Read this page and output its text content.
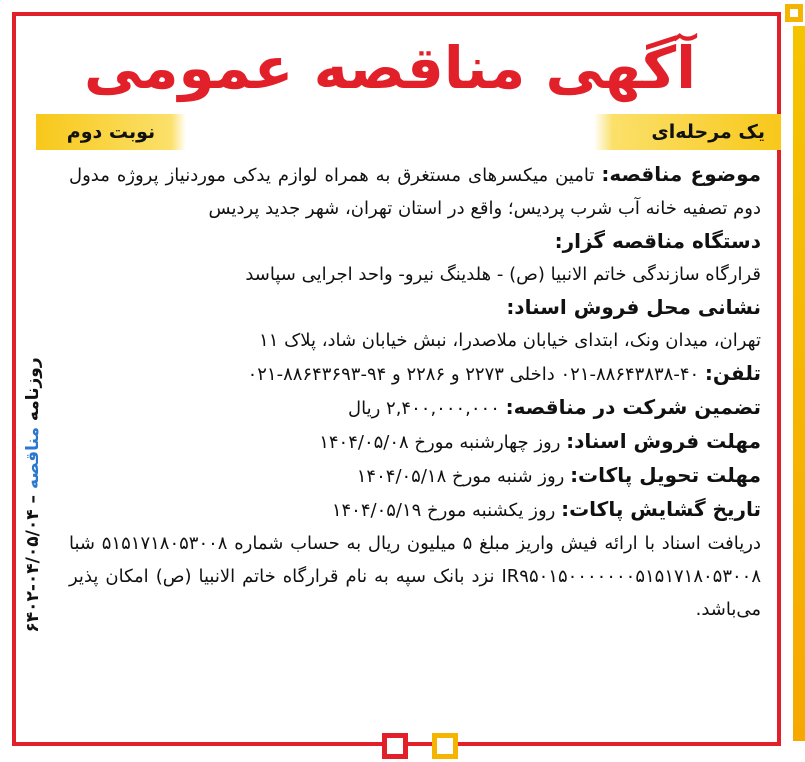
آگهی مناقصه عمومی
یک مرحله‌ای
نوبت دوم
روزنامه مناقصه – ۰۴/۰۵/۰۴-۶۴۰۲

موضوع مناقصه: تامین میکسرهای مستغرق به همراه لوازم یدکی موردنیاز پروژه مدول دوم تصفیه خانه آب شرب پردیس؛ واقع در استان تهران، شهر جدید پردیس

دستگاه مناقصه گزار:

قرارگاه سازندگی خاتم الانبیا (ص) - هلدینگ نیرو- واحد اجرایی سپاسد

نشانی محل فروش اسناد:

تهران، میدان ونک، ابتدای خیابان ملاصدرا، نبش خیابان شاد، پلاک ۱۱

تلفن: ۴۰-۸۸۶۴۳۸۳۸-۰۲۱ داخلی ۲۲۷۳ و ۲۲۸۶ و ۹۴-۸۸۶۴۳۶۹۳-۰۲۱

تضمین شرکت در مناقصه: ۲,۴۰۰,۰۰۰,۰۰۰ ریال

مهلت فروش اسناد: روز چهارشنبه مورخ ۱۴۰۴/۰۵/۰۸

مهلت تحویل پاکات: روز شنبه مورخ ۱۴۰۴/۰۵/۱۸

تاریخ گشایش پاکات: روز یکشنبه مورخ ۱۴۰۴/۰۵/۱۹

دریافت اسناد با ارائه فیش واریز مبلغ ۵ میلیون ریال به حساب شماره ۵۱۵۱۷۱۸۰۵۳۰۰۸ شبا IR۹۵۰۱۵۰۰۰۰۰۰۰۵۱۵۱۷۱۸۰۵۳۰۰۸ نزد بانک سپه به نام قرارگاه خاتم الانبیا (ص) امکان پذیر می‌باشد.
